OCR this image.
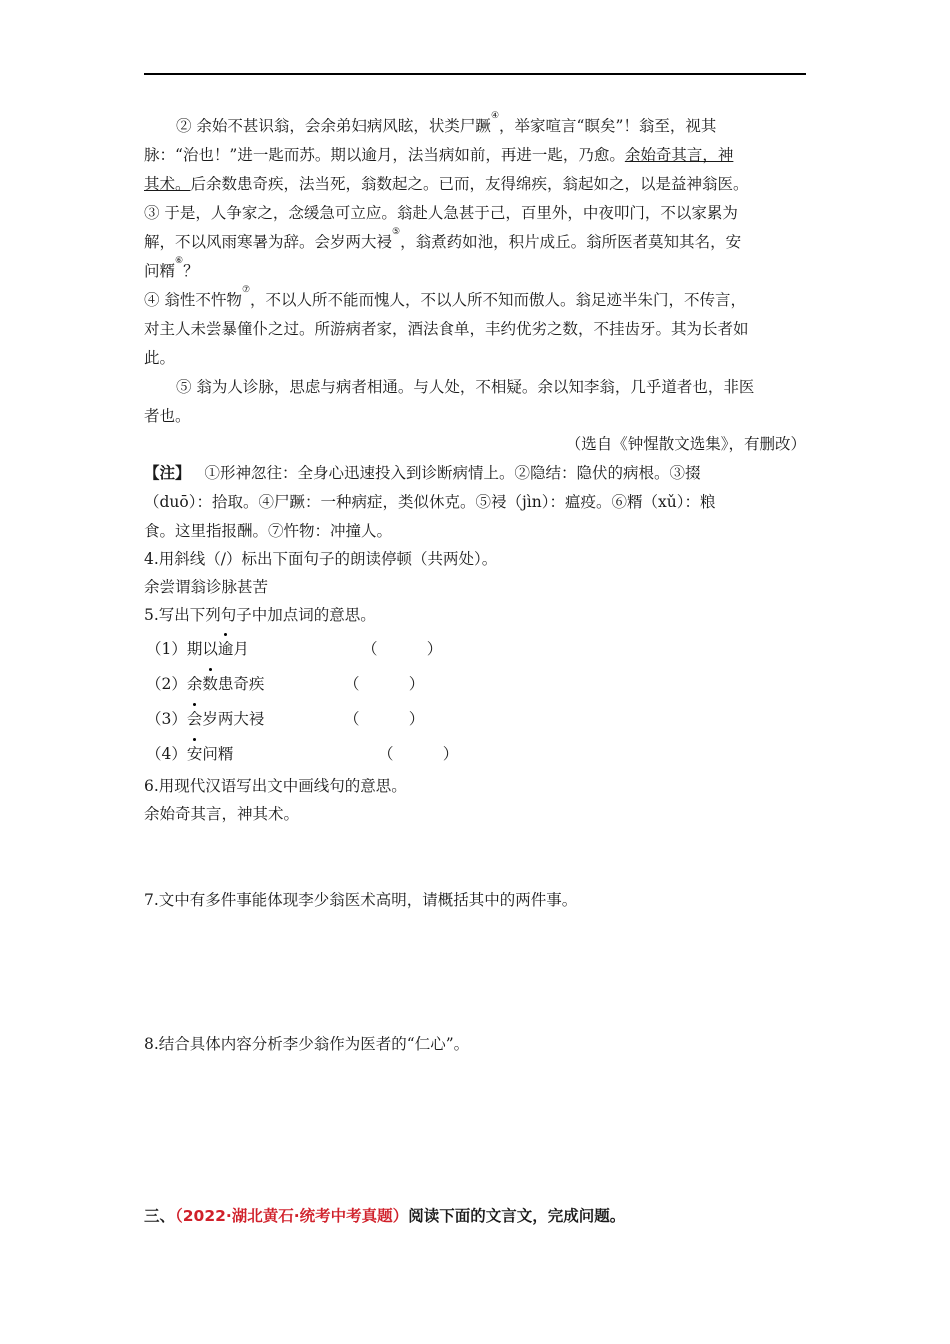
② 余始不甚识翁，会余弟妇病风眩，状类尸蹶④，举家喧言“瞑矣”！翁至，视其
脉：“治也！”进一匙而苏。期以逾月，法当病如前，再进一匙，乃愈。余始奇其言，神
其术。后余数患奇疾，法当死，翁数起之。已而，友得绵疾，翁起如之，以是益神翁医。
③ 于是，人争家之，念缓急可立应。翁赴人急甚于己，百里外，中夜叩门，不以家累为
解，不以风雨寒暑为辞。会岁两大祲⑤，翁煮药如池，积片成丘。翁所医者莫知其名，安
问糈⑥？
④ 翁性不忤物⑦，不以人所不能而愧人，不以人所不知而傲人。翁足迹半朱门，不传言，
对主人未尝暴僮仆之过。所游病者家，酒法食单，丰约优劣之数，不挂齿牙。其为长者如
此。
⑤ 翁为人诊脉，思虑与病者相通。与人处，不相疑。余以知李翁，几乎道者也，非医
者也。
（选自《钟惺散文选集》，有删改）
【注】 ①形神忽往：全身心迅速投入到诊断病情上。②隐结：隐伏的病根。③掇
（duō）：拾取。④尸蹶：一种病症，类似休克。⑤祲（jìn）：瘟疫。⑥糈（xǔ）：粮
食。这里指报酬。⑦忤物：冲撞人。
4.用斜线（/）标出下面句子的朗读停顿（共两处）。
余尝谓翁诊脉甚苦
5.写出下列句子中加点词的意思。
（1）期以逾月	（          ）
（2）余数患奇疾	（          ）
（3）会岁两大祲	（          ）
（4）安问糈	（          ）
6.用现代汉语写出文中画线句的意思。
余始奇其言，神其术。
7.文中有多件事能体现李少翁医术高明，请概括其中的两件事。
8.结合具体内容分析李少翁作为医者的“仁心”。
三、（2022·湖北黄石·统考中考真题）阅读下面的文言文，完成问题。
